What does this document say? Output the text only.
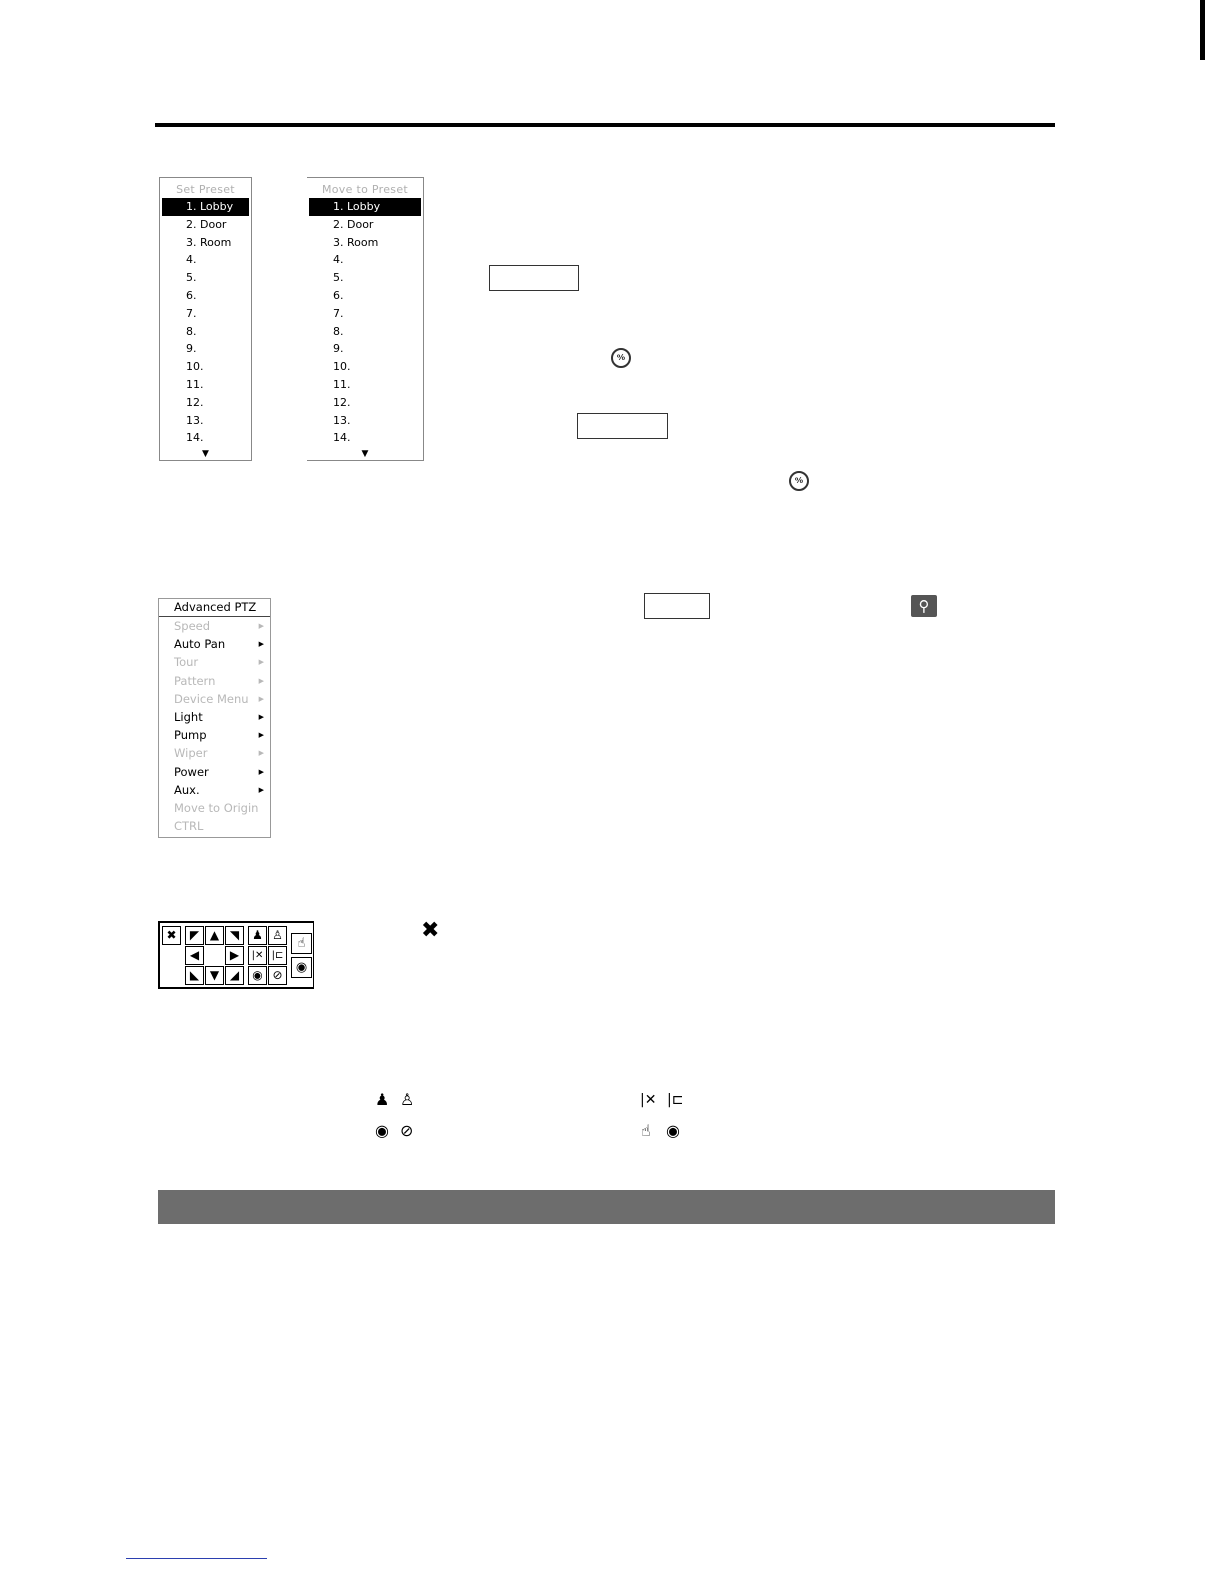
Set Preset
1. Lobby
2. Door
3. Room
4.
5.
6.
7.
8.
9.
10.
11.
12.
13.
14.
▼
Move to Preset
1. Lobby
2. Door
3. Room
4.
5.
6.
7.
8.
9.
10.
11.
12.
13.
14.
▼
⁰⁄₀
⁰⁄₀
Advanced PTZ
Speed	▶
Auto Pan	▶
Tour	▶
Pattern	▶
Device Menu ▶
Light	▶
Pump	▶
Wiper	▶
Power	▶
Aux.	▶
Move to Origin
CTRL
⚲
✖	◤ ▲ ◥	♟ ♙
☝
◀	▶	|✕ |⊏
◉
◣ ▼ ◢	◉ ⊘
✖
♟ ♙	|✕ |⊏
◉ ⊘	☝ ◉
